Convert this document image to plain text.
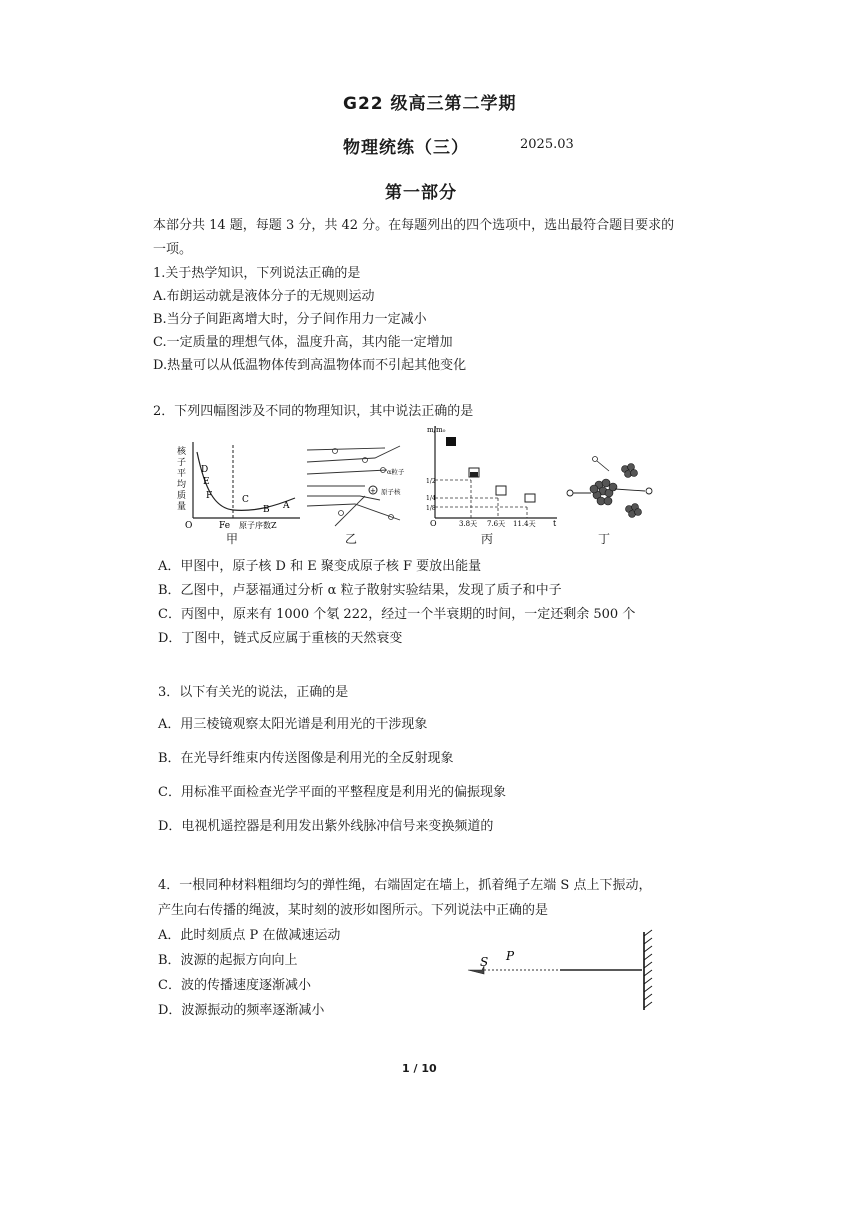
G22 级高三第二学期
物理统练（三）	2025.03
第一部分
本部分共 14 题，每题 3 分，共 42 分。在每题列出的四个选项中，选出最符合题目要求的
一项。
1.关于热学知识，下列说法正确的是
A.布朗运动就是液体分子的无规则运动
B.当分子间距离增大时，分子间作用力一定减小
C.一定质量的理想气体，温度升高，其内能一定增加
D.热量可以从低温物体传到高温物体而不引起其他变化
2．下列四幅图涉及不同的物理知识，其中说法正确的是
核
子
平
均
质
量
D
E
F	C
B A
O	Fe 原子序数Z
+
α粒子
原子核
m/m₀
1/2
1/4
1/8
O	3.8天 7.6天 11.4天 t
甲	乙	丙	丁
A．甲图中，原子核 D 和 E 聚变成原子核 F 要放出能量
B．乙图中，卢瑟福通过分析 α 粒子散射实验结果，发现了质子和中子
C．丙图中，原来有 1000 个氡 222，经过一个半衰期的时间，一定还剩余 500 个
D．丁图中，链式反应属于重核的天然衰变
3．以下有关光的说法，正确的是
A．用三棱镜观察太阳光谱是利用光的干涉现象
B．在光导纤维束内传送图像是利用光的全反射现象
C．用标准平面检查光学平面的平整程度是利用光的偏振现象
D．电视机遥控器是利用发出紫外线脉冲信号来变换频道的
4．一根同种材料粗细均匀的弹性绳，右端固定在墙上，抓着绳子左端 S 点上下振动，
产生向右传播的绳波，某时刻的波形如图所示。下列说法中正确的是
A．此时刻质点 P 在做减速运动
B．波源的起振方向向上
C．波的传播速度逐渐减小
D．波源振动的频率逐渐减小
S P
1 / 10
